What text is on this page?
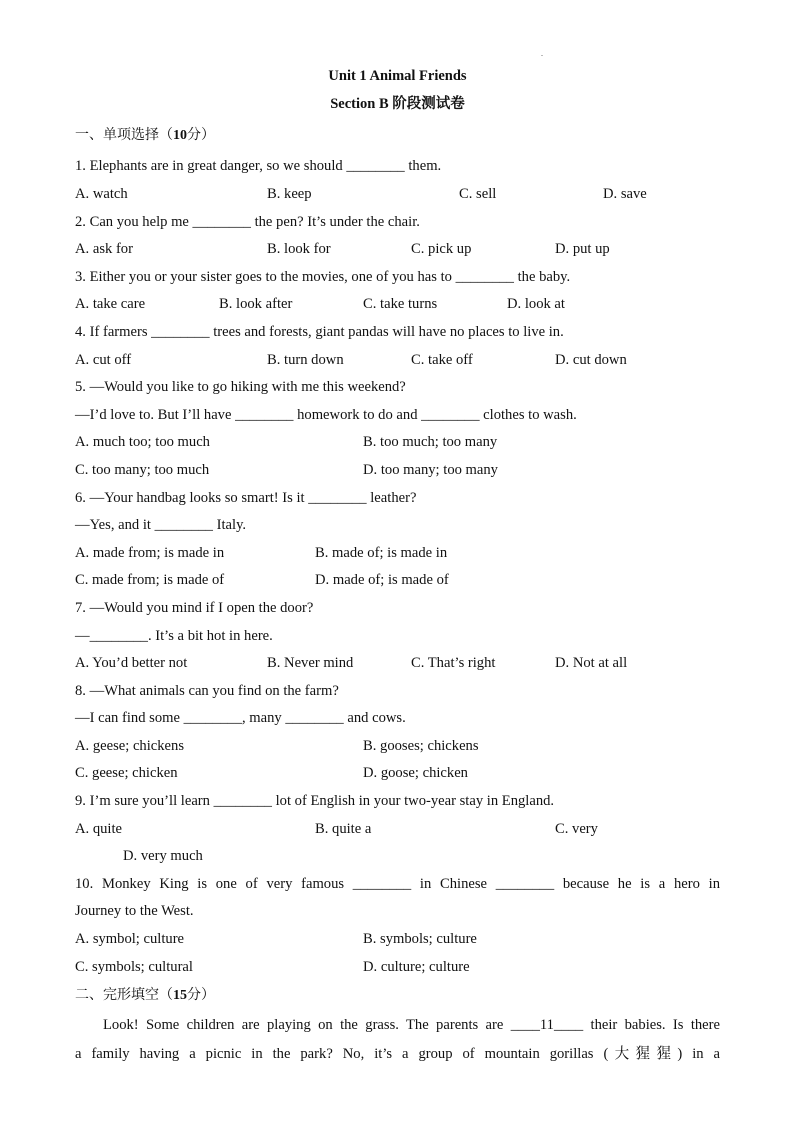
Unit 1 Animal Friends
Section B 阶段测试卷
一、单项选择（10分）
1. Elephants are in great danger, so we should ________ them.
A. watch	B. keep	C. sell	D. save
2. Can you help me ________ the pen? It’s under the chair.
A. ask for	B. look for	C. pick up	D. put up
3. Either you or your sister goes to the movies, one of you has to ________ the baby.
A. take care	B. look after	C. take turns	D. look at
4. If farmers ________ trees and forests, giant pandas will have no places to live in.
A. cut off	B. turn down	C. take off	D. cut down
5. —Would you like to go hiking with me this weekend?
—I’d love to. But I’ll have ________ homework to do and ________ clothes to wash.
A. much too; too much	B. too much; too many
C. too many; too much	D. too many; too many
6. —Your handbag looks so smart! Is it ________ leather?
—Yes, and it ________ Italy.
A. made from; is made in	B. made of; is made in
C. made from; is made of	D. made of; is made of
7. —Would you mind if I open the door?
—________. It’s a bit hot in here.
A. You’d better not	B. Never mind	C. That’s right	D. Not at all
8. —What animals can you find on the farm?
—I can find some ________, many ________ and cows.
A. geese; chickens	B. gooses; chickens
C. geese; chicken	D. goose; chicken
9. I’m sure you’ll learn ________ lot of English in your two-year stay in England.
A. quite	B. quite a	C. very
D. very much
10. Monkey King is one of very famous ________ in Chinese ________ because he is a hero in
Journey to the West.
A. symbol; culture	B. symbols; culture
C. symbols; cultural	D. culture; culture
二、完形填空（15分）
Look! Some children are playing on the grass. The parents are ____11____ their babies. Is there
a family having a picnic in the park? No, it’s a group of mountain gorillas (大猩猩) in a
